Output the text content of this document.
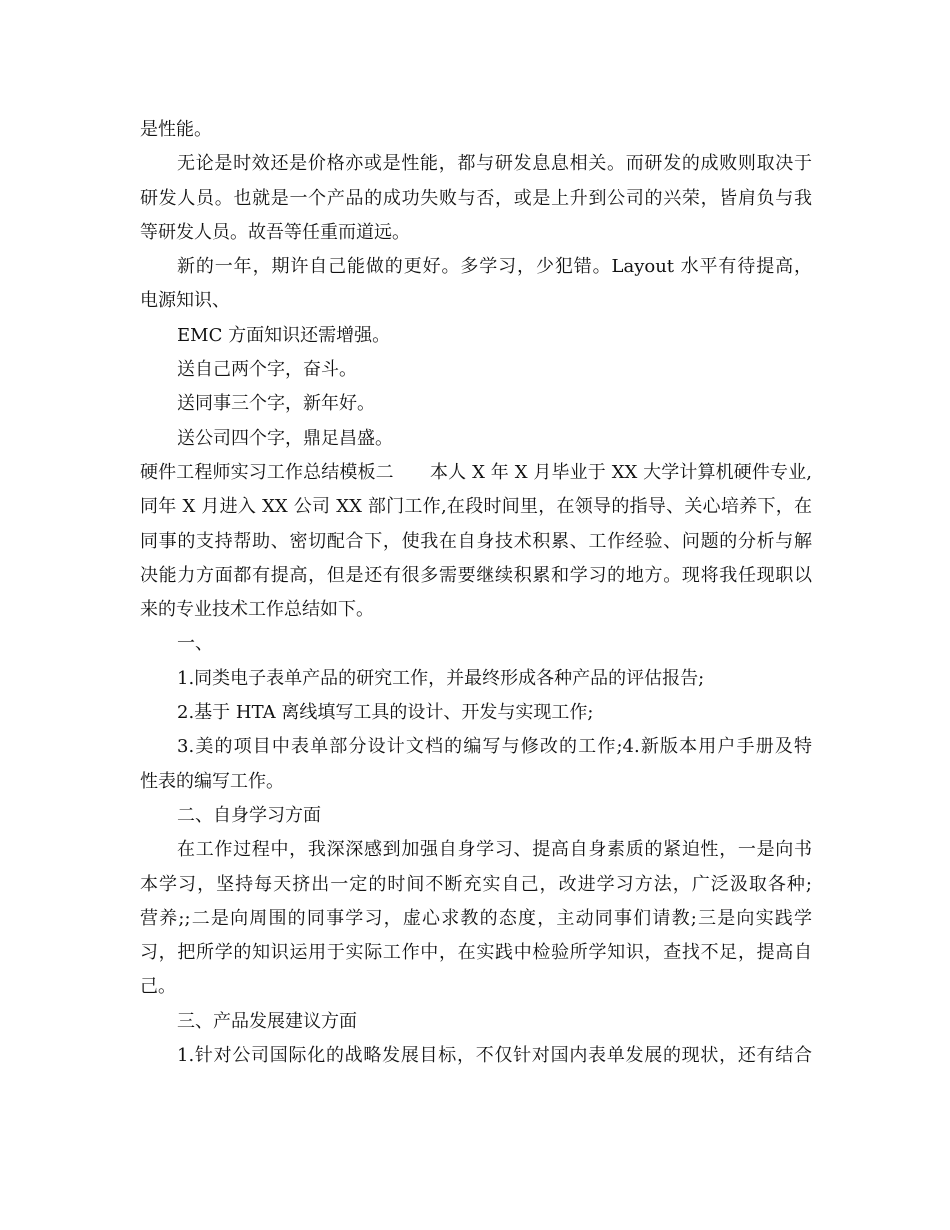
是性能。
无论是时效还是价格亦或是性能，都与研发息息相关。而研发的成败则取决于
研发人员。也就是一个产品的成功失败与否，或是上升到公司的兴荣，皆肩负与我
等研发人员。故吾等任重而道远。
新的一年，期许自己能做的更好。多学习，少犯错。Layout 水平有待提高，
电源知识、
EMC 方面知识还需增强。
送自己两个字，奋斗。
送同事三个字，新年好。
送公司四个字，鼎足昌盛。
硬件工程师实习工作总结模板二　　本人 X 年 X 月毕业于 XX 大学计算机硬件专业,
同年 X 月进入 XX 公司 XX 部门工作,在段时间里，在领导的指导、关心培养下，在
同事的支持帮助、密切配合下，使我在自身技术积累、工作经验、问题的分析与解
决能力方面都有提高，但是还有很多需要继续积累和学习的地方。现将我任现职以
来的专业技术工作总结如下。
一、
1.同类电子表单产品的研究工作，并最终形成各种产品的评估报告;
2.基于 HTA 离线填写工具的设计、开发与实现工作;
3.美的项目中表单部分设计文档的编写与修改的工作;4.新版本用户手册及特
性表的编写工作。
二、自身学习方面
在工作过程中，我深深感到加强自身学习、提高自身素质的紧迫性，一是向书
本学习，坚持每天挤出一定的时间不断充实自己，改进学习方法，广泛汲取各种;
营养;;二是向周围的同事学习，虚心求教的态度，主动同事们请教;三是向实践学
习，把所学的知识运用于实际工作中，在实践中检验所学知识，查找不足，提高自
己。
三、产品发展建议方面
1.针对公司国际化的战略发展目标，不仅针对国内表单发展的现状，还有结合
